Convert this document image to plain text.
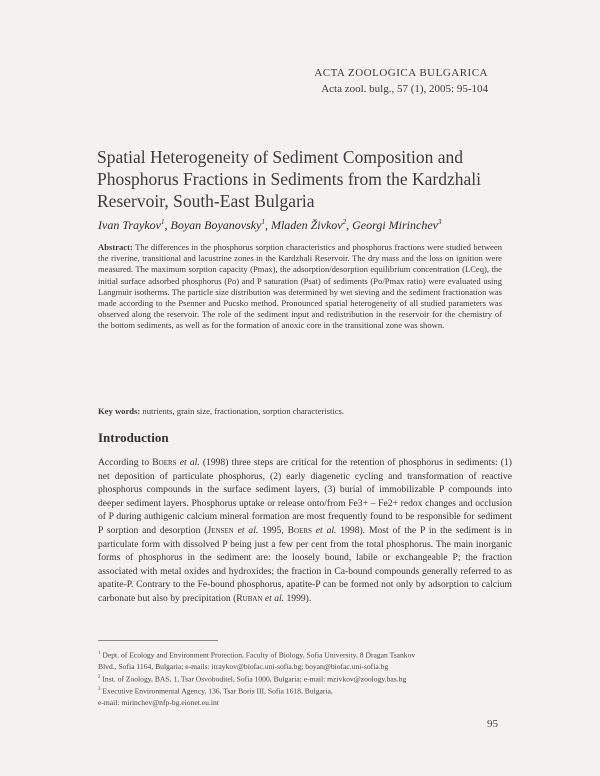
ACTA ZOOLOGICA BULGARICA
Acta zool. bulg., 57 (1), 2005: 95-104
Spatial Heterogeneity of Sediment Composition and Phosphorus Fractions in Sediments from the Kardzhali Reservoir, South-East Bulgaria
Ivan Traykov$^1$, Boyan Boyanovsky$^1$, Mladen Živkov$^2$, Georgi Mirinchev$^3$
Abstract: The differences in the phosphorus sorption characteristics and phosphorus fractions were studied between the riverine, transitional and lacustrine zones in the Kardzhali Reservoir. The dry mass and the loss on ignition were measured. The maximum sorption capacity (Pmax), the adsorption/desorption equilibrium concentration (LCeq), the initial surface adsorbed phosphorus (Po) and P saturation (Psat) of sediments (Po/Pmax ratio) were evaluated using Langmuir isotherms. The particle size distribution was determined by wet sieving and the sediment fractionation was made according to the Psenner and Pucsko method. Pronounced spatial heterogeneity of all studied parameters was observed along the reservoir. The role of the sediment input and redistribution in the reservoir for the chemistry of the bottom sediments, as well as for the formation of anoxic core in the transitional zone was shown.
Key words: nutrients, grain size, fractionation, sorption characteristics.
Introduction
According to Boers et al. (1998) three steps are critical for the retention of phosphorus in sediments: (1) net deposition of particulate phosphorus, (2) early diagenetic cycling and transformation of reactive phosphorus compounds in the surface sediment layers, (3) burial of immobilizable P compounds into deeper sediment layers. Phosphorus uptake or release onto/from Fe3+ – Fe2+ redox changes and occlusion of P during authigenic calcium mineral formation are most frequently found to be responsible for sediment P sorption and desorption (Jensen et al. 1995, Boers et al. 1998). Most of the P in the sediment is in particulate form with dissolved P being just a few per cent from the total phosphorus. The main inorganic forms of phosphorus in the sediment are: the loosely bound, labile or exchangeable P; the fraction associated with metal oxides and hydroxides; the fraction in Ca-bound compounds generally referred to as apatite-P. Contrary to the Fe-bound phosphorus, apatite-P can be formed not only by adsorption to calcium carbonate but also by precipitation (Ruban et al. 1999).
$^1$ Dept. of Ecology and Environment Protection, Faculty of Biology, Sofia University, 8 Dragan Tsankov
Blvd., Sofia 1164, Bulgaria; e-mails: itraykov@biofac.uni-sofia.bg; boyan@biofac.uni-sofia.bg
$^2$ Inst. of Zoology, BAS, 1, Tsar Osvoboditel, Sofia 1000, Bulgaria; e-mail: mzivkov@zoology.bas.bg
$^3$ Executive Environmental Agency, 136, Tsar Boris III, Sofia 1618, Bulgaria,
e-mail: mirinchev@nfp-bg.eionet.eu.int
95
